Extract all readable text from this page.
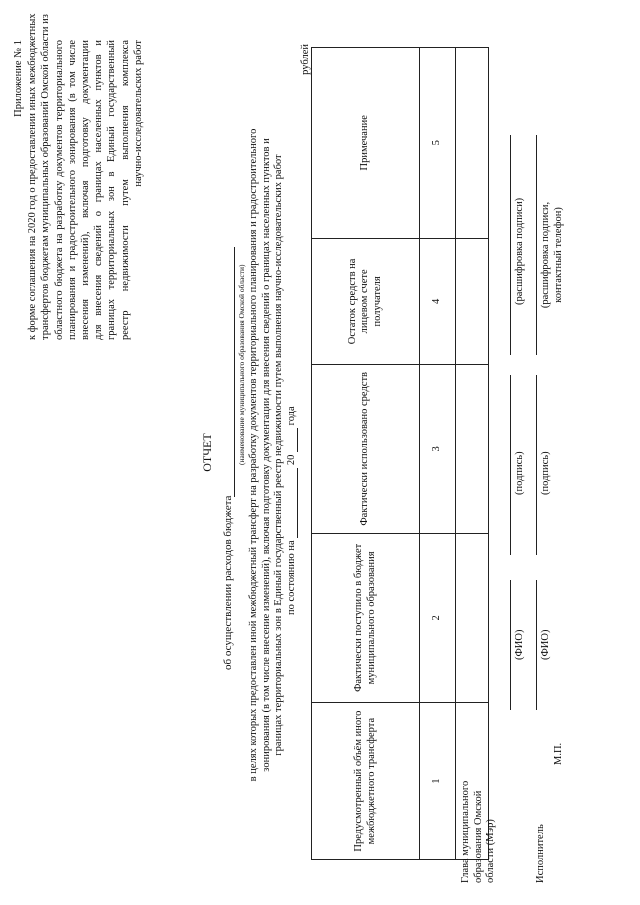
Приложение № 1 к форме соглашения на 2020 год о предоставлении иных межбюджетных трансфертов бюджетам муниципальных образований Омской области из областного бюджета на разработку документов территориального планирования и градостроительного зонирования (в том числе внесения изменений), включая подготовку документации для внесения сведений о границах населенных пунктов и границах территориальных зон в Единый государственный реестр недвижимости путем выполнения комплекса научно-исследовательских работ
ОТЧЕТ
об осуществлении расходов бюджета
(наименование муниципального образования Омской области) в целях которых предоставлен иной межбюджетный трансферт на разработку документов территориального планирования и градостроительного зонирования (в том числе внесение изменений), включая подготовку документации для внесения сведений о границах населенных пунктов и границах территориальных зон в Единый государственный реестр недвижимости путем выполнения научно-исследовательских работ по состоянию на   20   года
рублей
Предусмотренный объём иного межбюджетного трансферта	Фактически поступило в бюджет муниципального образования	Фактически использовано средств	Остаток средств на лицевом счете получателя	Примечание
1	2	3	4	5

Глава муниципального образования Омской области (Мэр)
(ФИО)
(подпись)
(расшифровка подписи)
М.П.
Исполнитель
(ФИО)
(подпись)
(расшифровка подписи, контактный телефон)
